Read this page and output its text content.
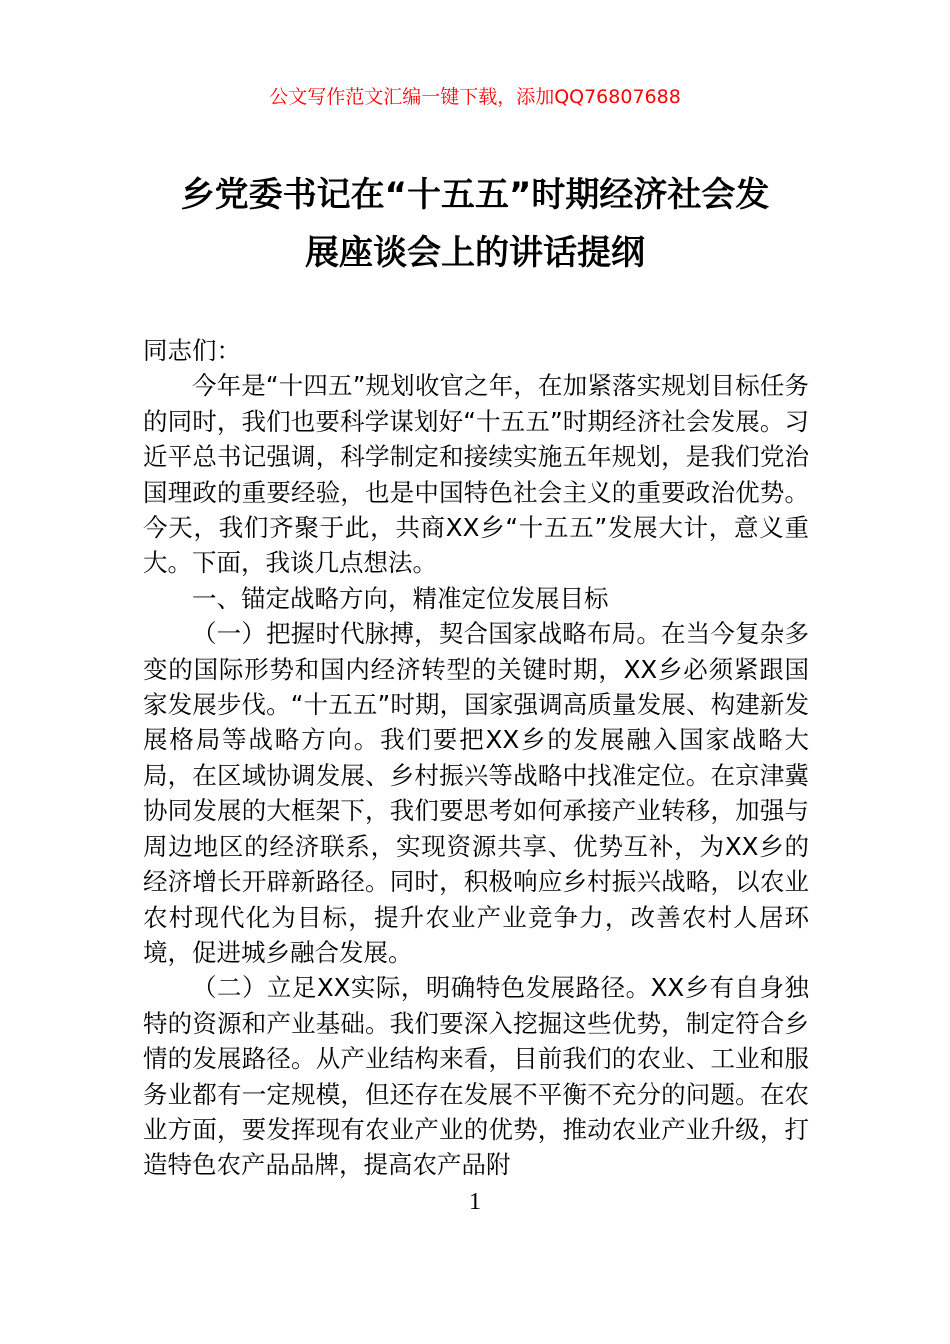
公文写作范文汇编一键下载，添加QQ76807688
乡党委书记在“十五五”时期经济社会发
展座谈会上的讲话提纲

同志们：

今年是“十四五”规划收官之年，在加紧落实规划目标任务的同时，我们也要科学谋划好“十五五”时期经济社会发展。习近平总书记强调，科学制定和接续实施五年规划，是我们党治国理政的重要经验，也是中国特色社会主义的重要政治优势。今天，我们齐聚于此，共商XX乡“十五五”发展大计，意义重大。下面，我谈几点想法。

一、锚定战略方向，精准定位发展目标

（一）把握时代脉搏，契合国家战略布局。在当今复杂多变的国际形势和国内经济转型的关键时期，XX乡必须紧跟国家发展步伐。“十五五”时期，国家强调高质量发展、构建新发展格局等战略方向。我们要把XX乡的发展融入国家战略大局，在区域协调发展、乡村振兴等战略中找准定位。在京津冀协同发展的大框架下，我们要思考如何承接产业转移，加强与周边地区的经济联系，实现资源共享、优势互补，为XX乡的经济增长开辟新路径。同时，积极响应乡村振兴战略，以农业农村现代化为目标，提升农业产业竞争力，改善农村人居环境，促进城乡融合发展。

（二）立足XX实际，明确特色发展路径。XX乡有自身独特的资源和产业基础。我们要深入挖掘这些优势，制定符合乡情的发展路径。从产业结构来看，目前我们的农业、工业和服务业都有一定规模，但还存在发展不平衡不充分的问题。在农业方面，要发挥现有农业产业的优势，推动农业产业升级，打造特色农产品品牌，提高农产品附

1
